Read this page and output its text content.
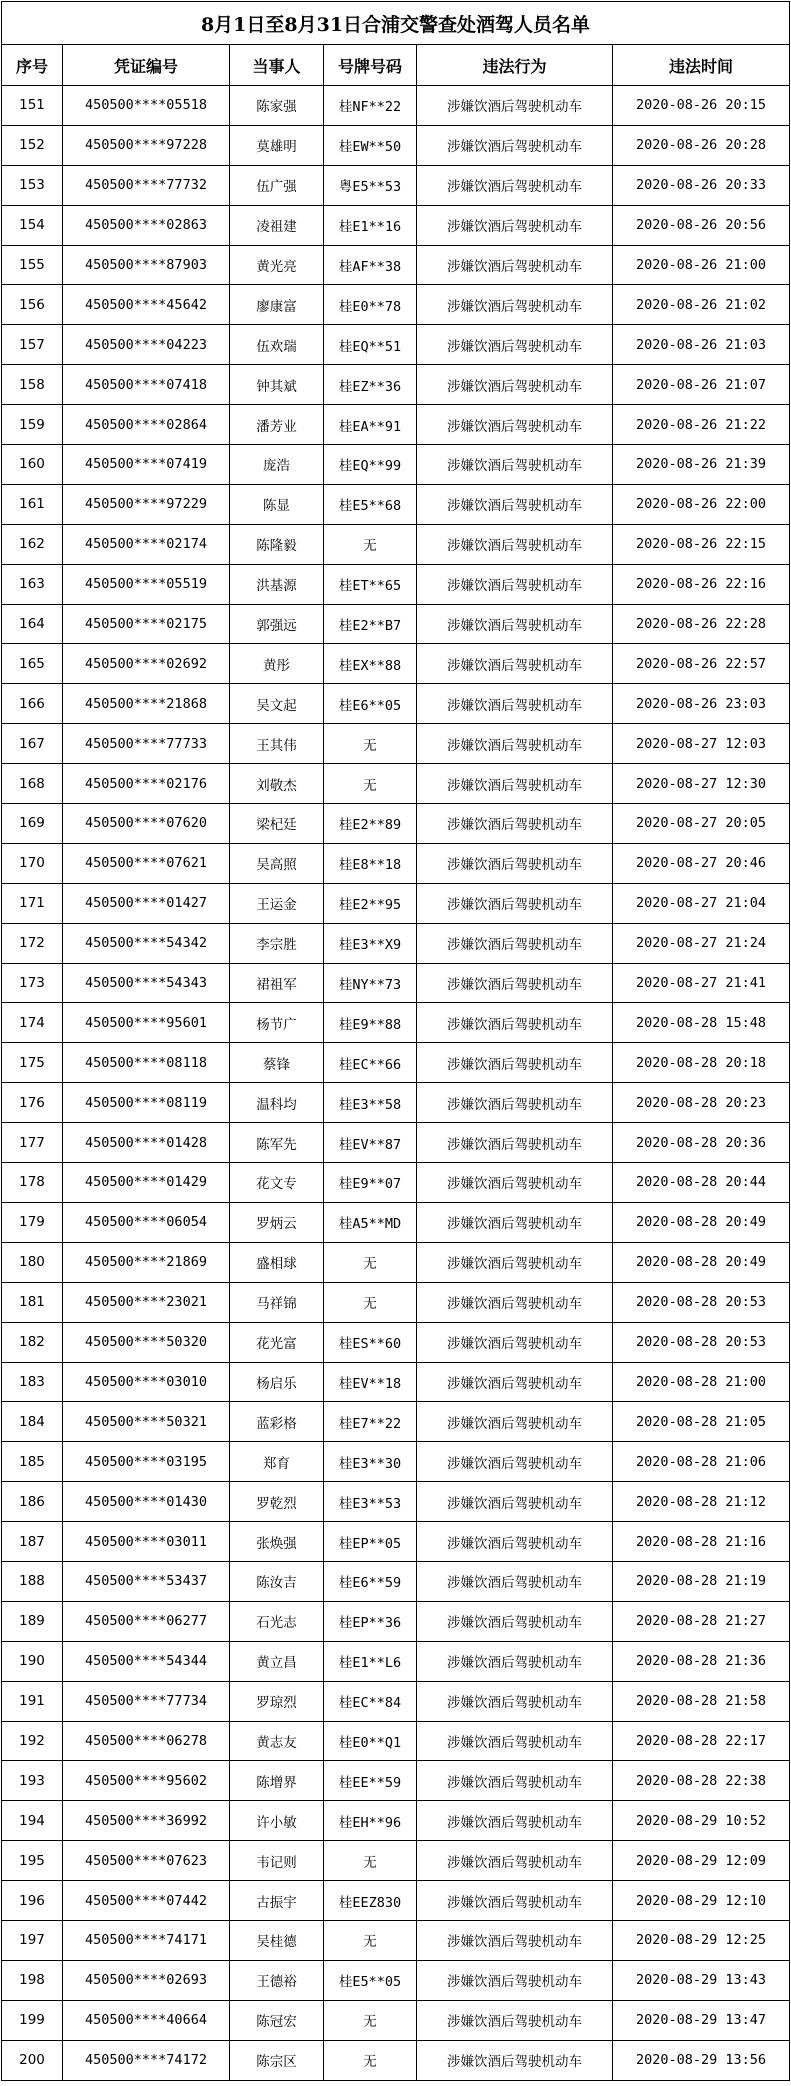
8月1日至8月31日合浦交警查处酒驾人员名单					
序号	凭证编号	当事人	号牌号码	违法行为	违法时间
151	450500****05518	陈家强	桂NF**22	涉嫌饮酒后驾驶机动车	2020-08-26 20:15
152	450500****97228	莫雄明	桂EW**50	涉嫌饮酒后驾驶机动车	2020-08-26 20:28
153	450500****77732	伍广强	粤E5**53	涉嫌饮酒后驾驶机动车	2020-08-26 20:33
154	450500****02863	凌祖建	桂E1**16	涉嫌饮酒后驾驶机动车	2020-08-26 20:56
155	450500****87903	黄光亮	桂AF**38	涉嫌饮酒后驾驶机动车	2020-08-26 21:00
156	450500****45642	廖康富	桂E0**78	涉嫌饮酒后驾驶机动车	2020-08-26 21:02
157	450500****04223	伍欢瑞	桂EQ**51	涉嫌饮酒后驾驶机动车	2020-08-26 21:03
158	450500****07418	钟其斌	桂EZ**36	涉嫌饮酒后驾驶机动车	2020-08-26 21:07
159	450500****02864	潘芳业	桂EA**91	涉嫌饮酒后驾驶机动车	2020-08-26 21:22
160	450500****07419	庞浩	桂EQ**99	涉嫌饮酒后驾驶机动车	2020-08-26 21:39
161	450500****97229	陈显	桂E5**68	涉嫌饮酒后驾驶机动车	2020-08-26 22:00
162	450500****02174	陈隆毅	无	涉嫌饮酒后驾驶机动车	2020-08-26 22:15
163	450500****05519	洪基源	桂ET**65	涉嫌饮酒后驾驶机动车	2020-08-26 22:16
164	450500****02175	郭强远	桂E2**B7	涉嫌饮酒后驾驶机动车	2020-08-26 22:28
165	450500****02692	黄彤	桂EX**88	涉嫌饮酒后驾驶机动车	2020-08-26 22:57
166	450500****21868	吴文起	桂E6**05	涉嫌饮酒后驾驶机动车	2020-08-26 23:03
167	450500****77733	王其伟	无	涉嫌饮酒后驾驶机动车	2020-08-27 12:03
168	450500****02176	刘敬杰	无	涉嫌饮酒后驾驶机动车	2020-08-27 12:30
169	450500****07620	梁杞廷	桂E2**89	涉嫌饮酒后驾驶机动车	2020-08-27 20:05
170	450500****07621	吴高照	桂E8**18	涉嫌饮酒后驾驶机动车	2020-08-27 20:46
171	450500****01427	王运金	桂E2**95	涉嫌饮酒后驾驶机动车	2020-08-27 21:04
172	450500****54342	李宗胜	桂E3**X9	涉嫌饮酒后驾驶机动车	2020-08-27 21:24
173	450500****54343	裙祖军	桂NY**73	涉嫌饮酒后驾驶机动车	2020-08-27 21:41
174	450500****95601	杨节广	桂E9**88	涉嫌饮酒后驾驶机动车	2020-08-28 15:48
175	450500****08118	蔡锋	桂EC**66	涉嫌饮酒后驾驶机动车	2020-08-28 20:18
176	450500****08119	温科均	桂E3**58	涉嫌饮酒后驾驶机动车	2020-08-28 20:23
177	450500****01428	陈军先	桂EV**87	涉嫌饮酒后驾驶机动车	2020-08-28 20:36
178	450500****01429	花文专	桂E9**07	涉嫌饮酒后驾驶机动车	2020-08-28 20:44
179	450500****06054	罗炳云	桂A5**MD	涉嫌饮酒后驾驶机动车	2020-08-28 20:49
180	450500****21869	盛相球	无	涉嫌饮酒后驾驶机动车	2020-08-28 20:49
181	450500****23021	马祥锦	无	涉嫌饮酒后驾驶机动车	2020-08-28 20:53
182	450500****50320	花光富	桂ES**60	涉嫌饮酒后驾驶机动车	2020-08-28 20:53
183	450500****03010	杨启乐	桂EV**18	涉嫌饮酒后驾驶机动车	2020-08-28 21:00
184	450500****50321	蓝彩格	桂E7**22	涉嫌饮酒后驾驶机动车	2020-08-28 21:05
185	450500****03195	郑育	桂E3**30	涉嫌饮酒后驾驶机动车	2020-08-28 21:06
186	450500****01430	罗乾烈	桂E3**53	涉嫌饮酒后驾驶机动车	2020-08-28 21:12
187	450500****03011	张焕强	桂EP**05	涉嫌饮酒后驾驶机动车	2020-08-28 21:16
188	450500****53437	陈汝吉	桂E6**59	涉嫌饮酒后驾驶机动车	2020-08-28 21:19
189	450500****06277	石光志	桂EP**36	涉嫌饮酒后驾驶机动车	2020-08-28 21:27
190	450500****54344	黄立昌	桂E1**L6	涉嫌饮酒后驾驶机动车	2020-08-28 21:36
191	450500****77734	罗琼烈	桂EC**84	涉嫌饮酒后驾驶机动车	2020-08-28 21:58
192	450500****06278	黄志友	桂E0**Q1	涉嫌饮酒后驾驶机动车	2020-08-28 22:17
193	450500****95602	陈增界	桂EE**59	涉嫌饮酒后驾驶机动车	2020-08-28 22:38
194	450500****36992	许小敏	桂EH**96	涉嫌饮酒后驾驶机动车	2020-08-29 10:52
195	450500****07623	韦记则	无	涉嫌饮酒后驾驶机动车	2020-08-29 12:09
196	450500****07442	古振宇	桂EEZ830	涉嫌饮酒后驾驶机动车	2020-08-29 12:10
197	450500****74171	吴桂德	无	涉嫌饮酒后驾驶机动车	2020-08-29 12:25
198	450500****02693	王德裕	桂E5**05	涉嫌饮酒后驾驶机动车	2020-08-29 13:43
199	450500****40664	陈冠宏	无	涉嫌饮酒后驾驶机动车	2020-08-29 13:47
200	450500****74172	陈宗区	无	涉嫌饮酒后驾驶机动车	2020-08-29 13:56
